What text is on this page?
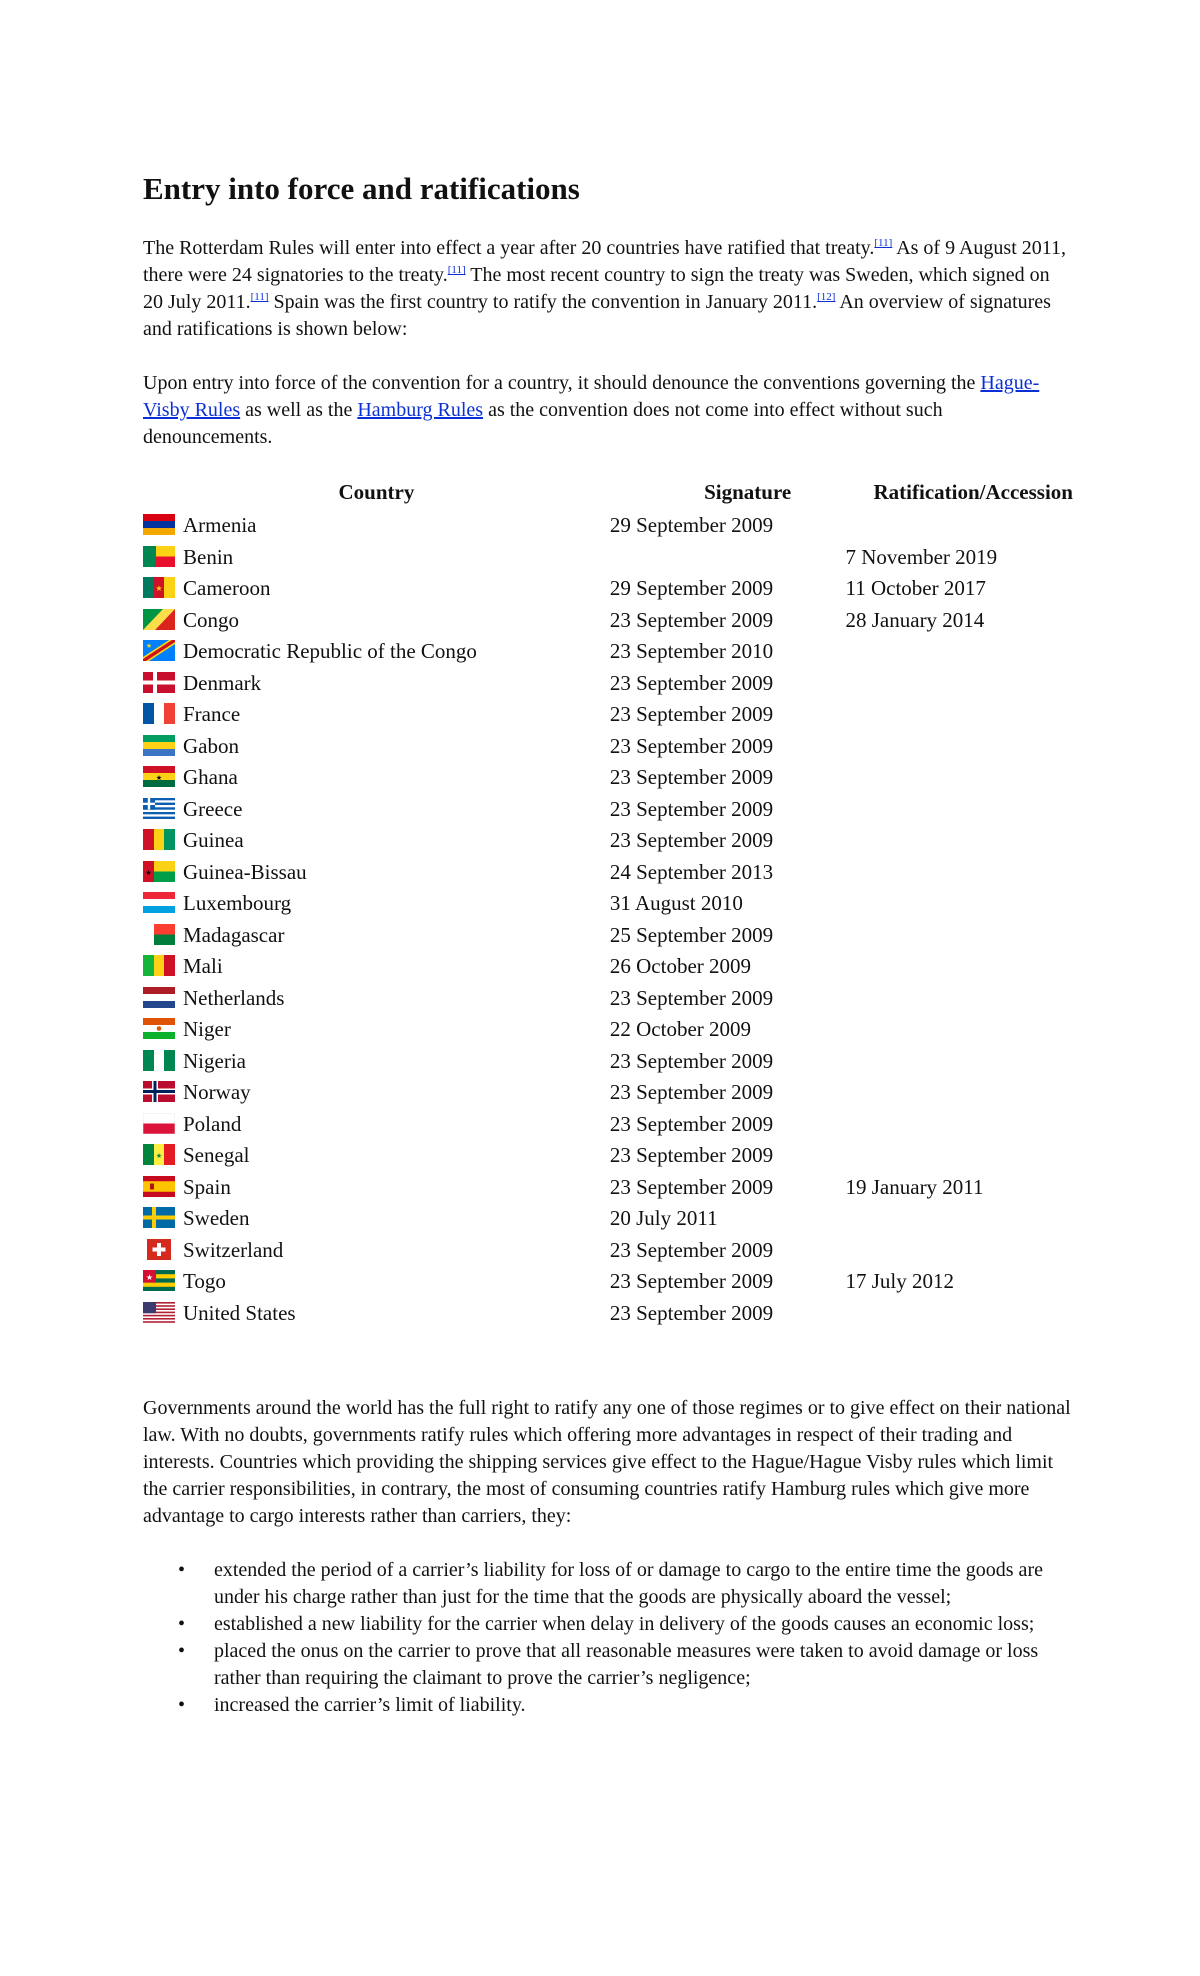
Entry into force and ratifications

The Rotterdam Rules will enter into effect a year after 20 countries have ratified that treaty.[11] As of 9 August 2011, there were 24 signatories to the treaty.[11] The most recent country to sign the treaty was Sweden, which signed on 20 July 2011.[11] Spain was the first country to ratify the convention in January 2011.[12] An overview of signatures and ratifications is shown below:

Upon entry into force of the convention for a country, it should denounce the conventions governing the Hague-Visby Rules as well as the Hamburg Rules as the convention does not come into effect without such denouncements.

Country	Signature	Ratification/Accession

Armenia	29 September 2009	

Benin		7 November 2019

★ Cameroon	29 September 2009	11 October 2017

Congo	23 September 2009	28 January 2014

★ Democratic Republic of the Congo	23 September 2010	

Denmark	23 September 2009	

France	23 September 2009	

Gabon	23 September 2009	

★ Ghana	23 September 2009	

Greece	23 September 2009	

Guinea	23 September 2009	

★ Guinea-Bissau	24 September 2013	

Luxembourg	31 August 2010	

Madagascar	25 September 2009	

Mali	26 October 2009	

Netherlands	23 September 2009	

Niger	22 October 2009	

Nigeria	23 September 2009	

Norway	23 September 2009	

Poland	23 September 2009	

★ Senegal	23 September 2009	

Spain	23 September 2009	19 January 2011

Sweden	20 July 2011	

Switzerland	23 September 2009	

★ Togo	23 September 2009	17 July 2012

United States	23 September 2009	

Governments around the world has the full right to ratify any one of those regimes or to give effect on their national law. With no doubts, governments ratify rules which offering more advantages in respect of their trading and interests. Countries which providing the shipping services give effect to the Hague/Hague Visby rules which limit the carrier responsibilities, in contrary, the most of consuming countries ratify Hamburg rules which give more advantage to cargo interests rather than carriers, they:

• extended the period of a carrier’s liability for loss of or damage to cargo to the entire time the goods are under his charge rather than just for the time that the goods are physically aboard the vessel;
• established a new liability for the carrier when delay in delivery of the goods causes an economic loss;
• placed the onus on the carrier to prove that all reasonable measures were taken to avoid damage or loss rather than requiring the claimant to prove the carrier’s negligence;
• increased the carrier’s limit of liability.
